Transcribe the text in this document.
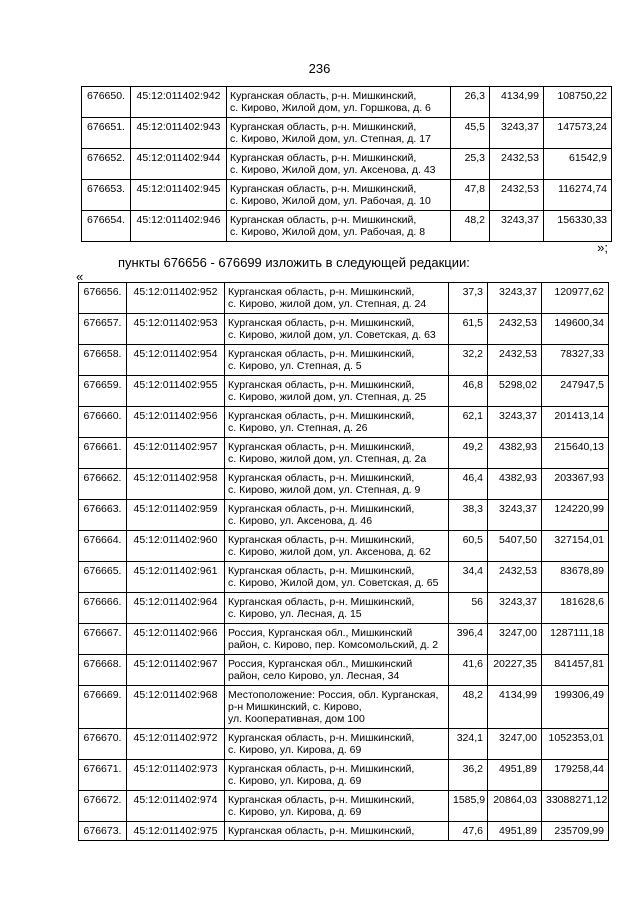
236
676650.	45:12:011402:942	Курганская область, р-н. Мишкинский,
с. Кирово, Жилой дом, ул. Горшкова, д. 6	26,3	4134,99	108750,22
676651.	45:12:011402:943	Курганская область, р-н. Мишкинский,
с. Кирово, Жилой дом, ул. Степная, д. 17	45,5	3243,37	147573,24
676652.	45:12:011402:944	Курганская область, р-н. Мишкинский,
с. Кирово, Жилой дом, ул. Аксенова, д. 43	25,3	2432,53	61542,9
676653.	45:12:011402:945	Курганская область, р-н. Мишкинский,
с. Кирово, Жилой дом, ул. Рабочая, д. 10	47,8	2432,53	116274,74
676654.	45:12:011402:946	Курганская область, р-н. Мишкинский,
с. Кирово, Жилой дом, ул. Рабочая, д. 8	48,2	3243,37	156330,33
»;
пункты 676656 - 676699 изложить в следующей редакции:
«
676656.	45:12:011402:952	Курганская область, р-н. Мишкинский,
с. Кирово, жилой дом, ул. Степная, д. 24	37,3	3243,37	120977,62
676657.	45:12:011402:953	Курганская область, р-н. Мишкинский,
с. Кирово, жилой дом, ул. Советская, д. 63	61,5	2432,53	149600,34
676658.	45:12:011402:954	Курганская область, р-н. Мишкинский,
с. Кирово, ул. Степная, д. 5	32,2	2432,53	78327,33
676659.	45:12:011402:955	Курганская область, р-н. Мишкинский,
с. Кирово, жилой дом, ул. Степная, д. 25	46,8	5298,02	247947,5
676660.	45:12:011402:956	Курганская область, р-н. Мишкинский,
с. Кирово, ул. Степная, д. 26	62,1	3243,37	201413,14
676661.	45:12:011402:957	Курганская область, р-н. Мишкинский,
с. Кирово, жилой дом, ул. Степная, д. 2а	49,2	4382,93	215640,13
676662.	45:12:011402:958	Курганская область, р-н. Мишкинский,
с. Кирово, жилой дом, ул. Степная, д. 9	46,4	4382,93	203367,93
676663.	45:12:011402:959	Курганская область, р-н. Мишкинский,
с. Кирово, ул. Аксенова, д. 46	38,3	3243,37	124220,99
676664.	45:12:011402:960	Курганская область, р-н. Мишкинский,
с. Кирово, жилой дом, ул. Аксенова, д. 62	60,5	5407,50	327154,01
676665.	45:12:011402:961	Курганская область, р-н. Мишкинский,
с. Кирово, Жилой дом, ул. Советская, д. 65	34,4	2432,53	83678,89
676666.	45:12:011402:964	Курганская область, р-н. Мишкинский,
с. Кирово, ул. Лесная, д. 15	56	3243,37	181628,6
676667.	45:12:011402:966	Россия, Курганская обл., Мишкинский
район, с. Кирово, пер. Комсомольский, д. 2	396,4	3247,00	1287111,18
676668.	45:12:011402:967	Россия, Курганская обл., Мишкинский
район, село Кирово, ул. Лесная, 34	41,6	20227,35	841457,81
676669.	45:12:011402:968	Местоположение: Россия, обл. Курганская,
р-н Мишкинский, с. Кирово,
ул. Кооперативная, дом 100	48,2	4134,99	199306,49
676670.	45:12:011402:972	Курганская область, р-н. Мишкинский,
с. Кирово, ул. Кирова, д. 69	324,1	3247,00	1052353,01
676671.	45:12:011402:973	Курганская область, р-н. Мишкинский,
с. Кирово, ул. Кирова, д. 69	36,2	4951,89	179258,44
676672.	45:12:011402:974	Курганская область, р-н. Мишкинский,
с. Кирово, ул. Кирова, д. 69	1585,9	20864,03	33088271,12
676673.	45:12:011402:975	Курганская область, р-н. Мишкинский,	47,6	4951,89	235709,99
